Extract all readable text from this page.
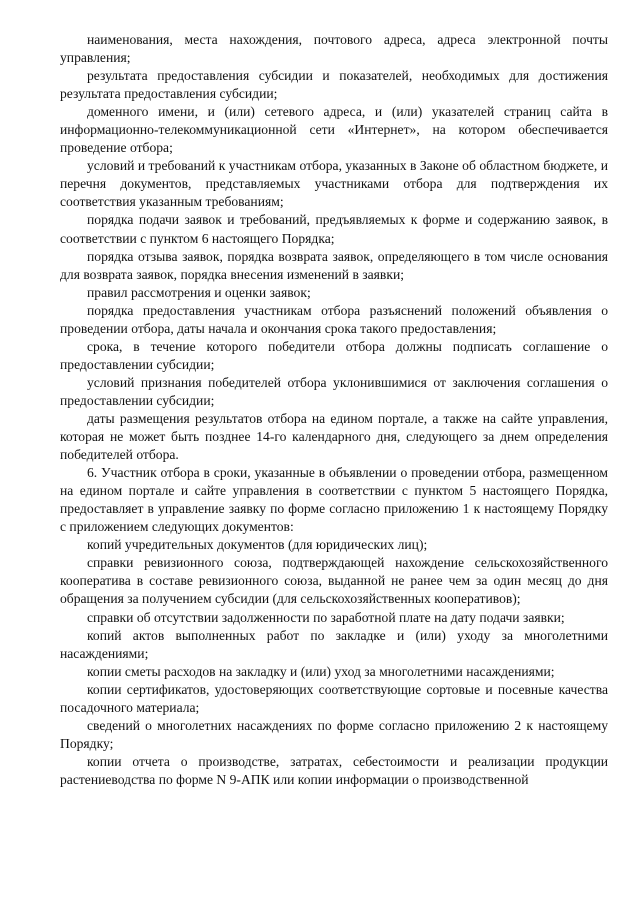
наименования, места нахождения, почтового адреса, адреса электронной почты управления;

результата предоставления субсидии и показателей, необходимых для достижения результата предоставления субсидии;

доменного имени, и (или) сетевого адреса, и (или) указателей страниц сайта в информационно-телекоммуникационной сети «Интернет», на котором обеспечивается проведение отбора;

условий и требований к участникам отбора, указанных в Законе об областном бюджете, и перечня документов, представляемых участниками отбора для подтверждения их соответствия указанным требованиям;

порядка подачи заявок и требований, предъявляемых к форме и содержанию заявок, в соответствии с пунктом 6 настоящего Порядка;

порядка отзыва заявок, порядка возврата заявок, определяющего в том числе основания для возврата заявок, порядка внесения изменений в заявки;

правил рассмотрения и оценки заявок;

порядка предоставления участникам отбора разъяснений положений объявления о проведении отбора, даты начала и окончания срока такого предоставления;

срока, в течение которого победители отбора должны подписать соглашение о предоставлении субсидии;

условий признания победителей отбора уклонившимися от заключения соглашения о предоставлении субсидии;

даты размещения результатов отбора на едином портале, а также на сайте управления, которая не может быть позднее 14-го календарного дня, следующего за днем определения победителей отбора.

6. Участник отбора в сроки, указанные в объявлении о проведении отбора, размещенном на едином портале и сайте управления в соответствии с пунктом 5 настоящего Порядка, предоставляет в управление заявку по форме согласно приложению 1 к настоящему Порядку с приложением следующих документов:

копий учредительных документов (для юридических лиц);

справки ревизионного союза, подтверждающей нахождение сельскохозяйственного кооператива в составе ревизионного союза, выданной не ранее чем за один месяц до дня обращения за получением субсидии (для сельскохозяйственных кооперативов);

справки об отсутствии задолженности по заработной плате на дату подачи заявки;

копий актов выполненных работ по закладке и (или) уходу за многолетними насаждениями;

копии сметы расходов на закладку и (или) уход за многолетними насаждениями;

копии сертификатов, удостоверяющих соответствующие сортовые и посевные качества посадочного материала;

сведений о многолетних насаждениях по форме согласно приложению 2 к настоящему Порядку;

копии отчета о производстве, затратах, себестоимости и реализации продукции растениеводства по форме N 9-АПК или копии информации о производственной
